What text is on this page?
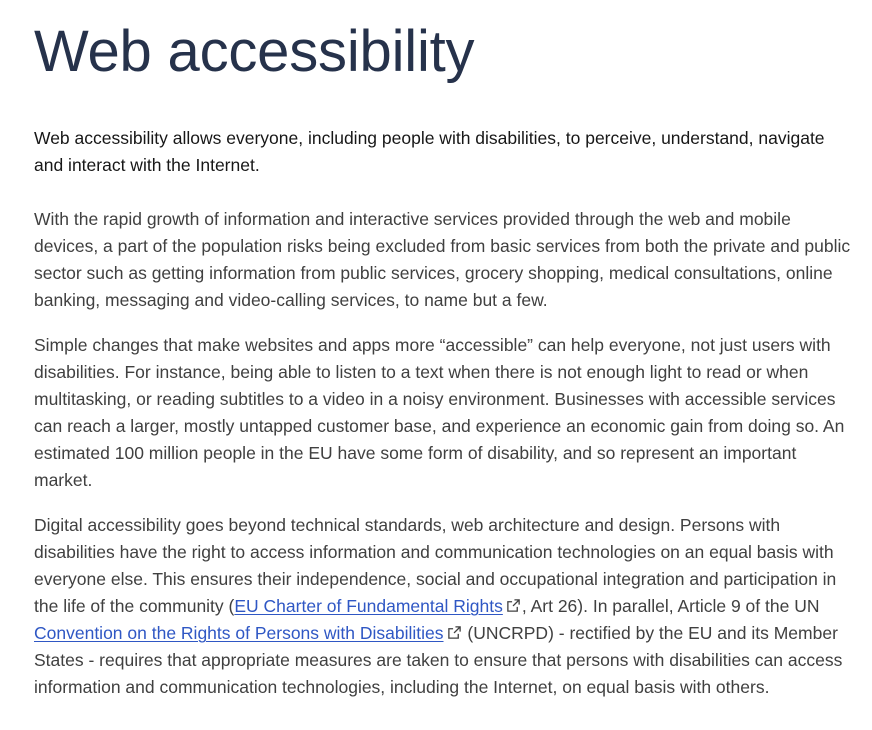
Web accessibility

Web accessibility allows everyone, including people with disabilities, to perceive, understand, navigate and interact with the Internet.

With the rapid growth of information and interactive services provided through the web and mobile devices, a part of the population risks being excluded from basic services from both the private and public sector such as getting information from public services, grocery shopping, medical consultations, online banking, messaging and video-calling services, to name but a few.

Simple changes that make websites and apps more “accessible” can help everyone, not just users with disabilities. For instance, being able to listen to a text when there is not enough light to read or when multitasking, or reading subtitles to a video in a noisy environment. Businesses with accessible services can reach a larger, mostly untapped customer base, and experience an economic gain from doing so. An estimated 100 million people in the EU have some form of disability, and so represent an important market.

Digital accessibility goes beyond technical standards, web architecture and design. Persons with disabilities have the right to access information and communication technologies on an equal basis with everyone else. This ensures their independence, social and occupational integration and participation in the life of the community (EU Charter of Fundamental Rights , Art 26). In parallel, Article 9 of the UN Convention on the Rights of Persons with Disabilities
(UNCRPD) - rectified by the EU and its Member States - requires that appropriate measures are taken to ensure that persons with disabilities can access information and communication technologies, including the Internet, on equal basis with others.
